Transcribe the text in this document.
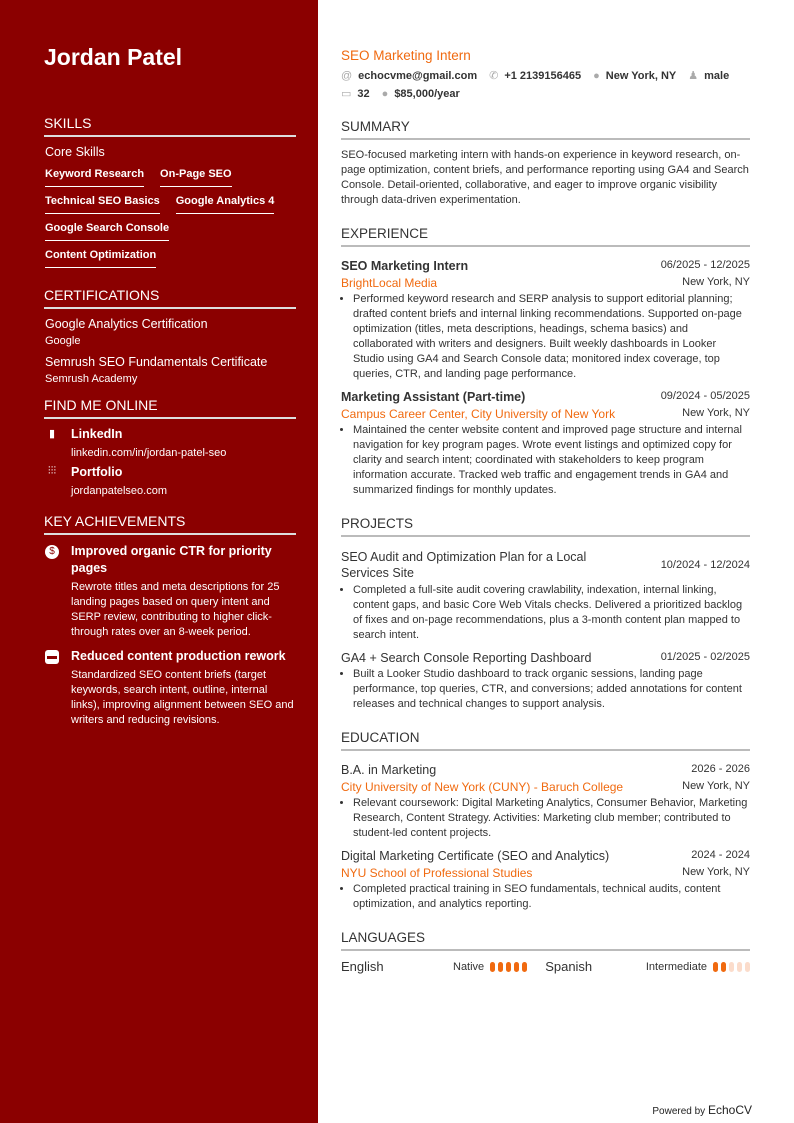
Jordan Patel
SKILLS
Core Skills
Keyword Research On-Page SEO
Technical SEO Basics Google Analytics 4
Google Search Console
Content Optimization
CERTIFICATIONS
Google Analytics Certification
Google
Semrush SEO Fundamentals Certificate
Semrush Academy
FIND ME ONLINE
▮	LinkedIn
linkedin.com/in/jordan-patel-seo
⫶⫶⫶ Portfolio
jordanpatelseo.com
KEY ACHIEVEMENTS
$	Improved organic CTR for priority pages
Rewrote titles and meta descriptions for 25 landing pages based on query intent and SERP review, contributing to higher click-through rates over an 8-week period.
▬ Reduced content production rework
Standardized SEO content briefs (target keywords, search intent, outline, internal links), improving alignment between SEO and writers and reducing revisions.
SEO Marketing Intern
@ echocvme@gmail.com ✆ +1 2139156465 ● New York, NY ♟ male
▭ 32 ● $85,000/year
SUMMARY
SEO-focused marketing intern with hands-on experience in keyword research, on-page optimization, content briefs, and performance reporting using GA4 and Search Console. Detail-oriented, collaborative, and eager to improve organic visibility through data-driven experimentation.
EXPERIENCE
SEO Marketing Intern	06/2025 - 12/2025
BrightLocal Media	New York, NY
• Performed keyword research and SERP analysis to support editorial planning; drafted content briefs and internal linking recommendations. Supported on-page optimization (titles, meta descriptions, headings, schema basics) and collaborated with writers and designers. Built weekly dashboards in Looker Studio using GA4 and Search Console data; monitored index coverage, top queries, CTR, and landing page performance.
Marketing Assistant (Part-time)	09/2024 - 05/2025
Campus Career Center, City University of New York	New York, NY
• Maintained the center website content and improved page structure and internal navigation for key program pages. Wrote event listings and optimized copy for clarity and search intent; coordinated with stakeholders to keep program information accurate. Tracked web traffic and engagement trends in GA4 and summarized findings for monthly updates.
PROJECTS
SEO Audit and Optimization Plan for a Local Services Site
10/2024 - 12/2024
• Completed a full-site audit covering crawlability, indexation, internal linking, content gaps, and basic Core Web Vitals checks. Delivered a prioritized backlog of fixes and on-page recommendations, plus a 3-month content plan mapped to search intent.
GA4 + Search Console Reporting Dashboard	01/2025 - 02/2025
• Built a Looker Studio dashboard to track organic sessions, landing page performance, top queries, CTR, and conversions; added annotations for content releases and technical changes to support analysis.
EDUCATION
B.A. in Marketing	2026 - 2026
City University of New York (CUNY) - Baruch College	New York, NY
• Relevant coursework: Digital Marketing Analytics, Consumer Behavior, Marketing Research, Content Strategy. Activities: Marketing club member; contributed to student-led content projects.
Digital Marketing Certificate (SEO and Analytics)	2024 - 2024
NYU School of Professional Studies	New York, NY
• Completed practical training in SEO fundamentals, technical audits, content optimization, and analytics reporting.
LANGUAGES
English	Native	Spanish	Intermediate
Powered by EchoCV
